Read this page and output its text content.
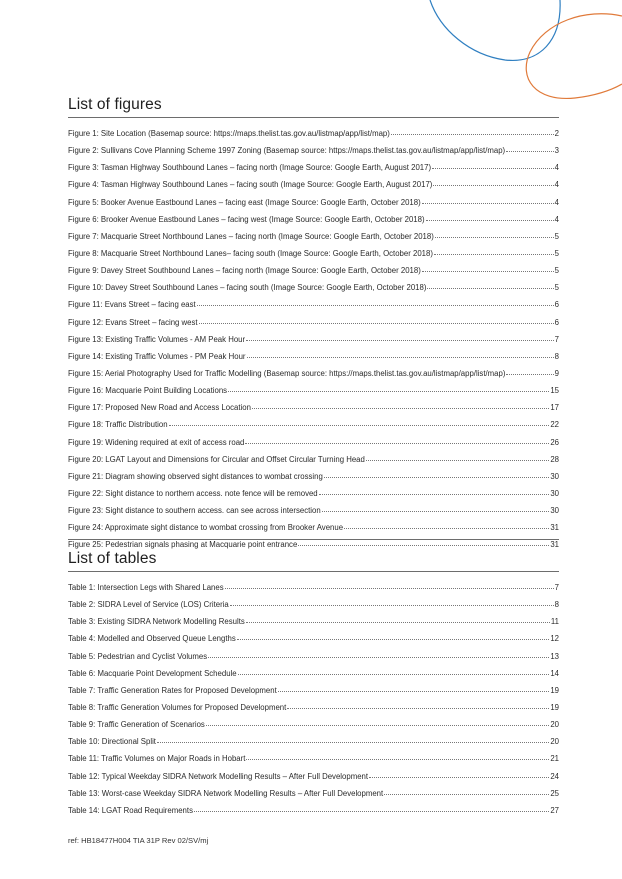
List of figures
Figure 1: Site Location (Basemap source: https://maps.thelist.tas.gov.au/listmap/app/list/map)	2
Figure 2: Sullivans Cove Planning Scheme 1997 Zoning (Basemap source: https://maps.thelist.tas.gov.au/listmap/app/list/map)	3
Figure 3: Tasman Highway Southbound Lanes – facing north (Image Source: Google Earth, August 2017)	4
Figure 4: Tasman Highway Southbound Lanes – facing south (Image Source: Google Earth, August 2017)	4
Figure 5: Booker Avenue Eastbound Lanes – facing east (Image Source: Google Earth, October 2018)	4
Figure 6: Brooker Avenue Eastbound Lanes – facing west (Image Source: Google Earth, October 2018)	4
Figure 7: Macquarie Street Northbound Lanes – facing north (Image Source: Google Earth, October 2018)	5
Figure 8: Macquarie Street Northbound Lanes– facing south (Image Source: Google Earth, October 2018)	5
Figure 9: Davey Street Southbound Lanes – facing north (Image Source: Google Earth, October 2018)	5
Figure 10: Davey Street Southbound Lanes – facing south (Image Source: Google Earth, October 2018)	5
Figure 11: Evans Street – facing east	6
Figure 12: Evans Street – facing west	6
Figure 13: Existing Traffic Volumes - AM Peak Hour	7
Figure 14: Existing Traffic Volumes - PM Peak Hour	8
Figure 15: Aerial Photography Used for Traffic Modelling (Basemap source: https://maps.thelist.tas.gov.au/listmap/app/list/map)	9
Figure 16: Macquarie Point Building Locations	15
Figure 17: Proposed New Road and Access Location	17
Figure 18: Traffic Distribution	22
Figure 19: Widening required at exit of access road	26
Figure 20: LGAT Layout and Dimensions for Circular and Offset Circular Turning Head	28
Figure 21: Diagram showing observed sight distances to wombat crossing	30
Figure 22: Sight distance to northern access. note fence will be removed	30
Figure 23: Sight distance to southern access. can see across intersection	30
Figure 24: Approximate sight distance to wombat crossing from Brooker Avenue	31
Figure 25: Pedestrian signals phasing at Macquarie point entrance	31
List of tables
Table 1: Intersection Legs with Shared Lanes	7
Table 2: SIDRA Level of Service (LOS) Criteria	8
Table 3: Existing SIDRA Network Modelling Results	11
Table 4: Modelled and Observed Queue Lengths	12
Table 5: Pedestrian and Cyclist Volumes	13
Table 6: Macquarie Point Development Schedule	14
Table 7: Traffic Generation Rates for Proposed Development	19
Table 8: Traffic Generation Volumes for Proposed Development	19
Table 9: Traffic Generation of Scenarios	20
Table 10: Directional Split	20
Table 11: Traffic Volumes on Major Roads in Hobart	21
Table 12: Typical Weekday SIDRA Network Modelling Results – After Full Development	24
Table 13: Worst-case Weekday SIDRA Network Modelling Results – After Full Development	25
Table 14: LGAT Road Requirements	27
ref: HB18477H004 TIA 31P Rev 02/SV/mj
